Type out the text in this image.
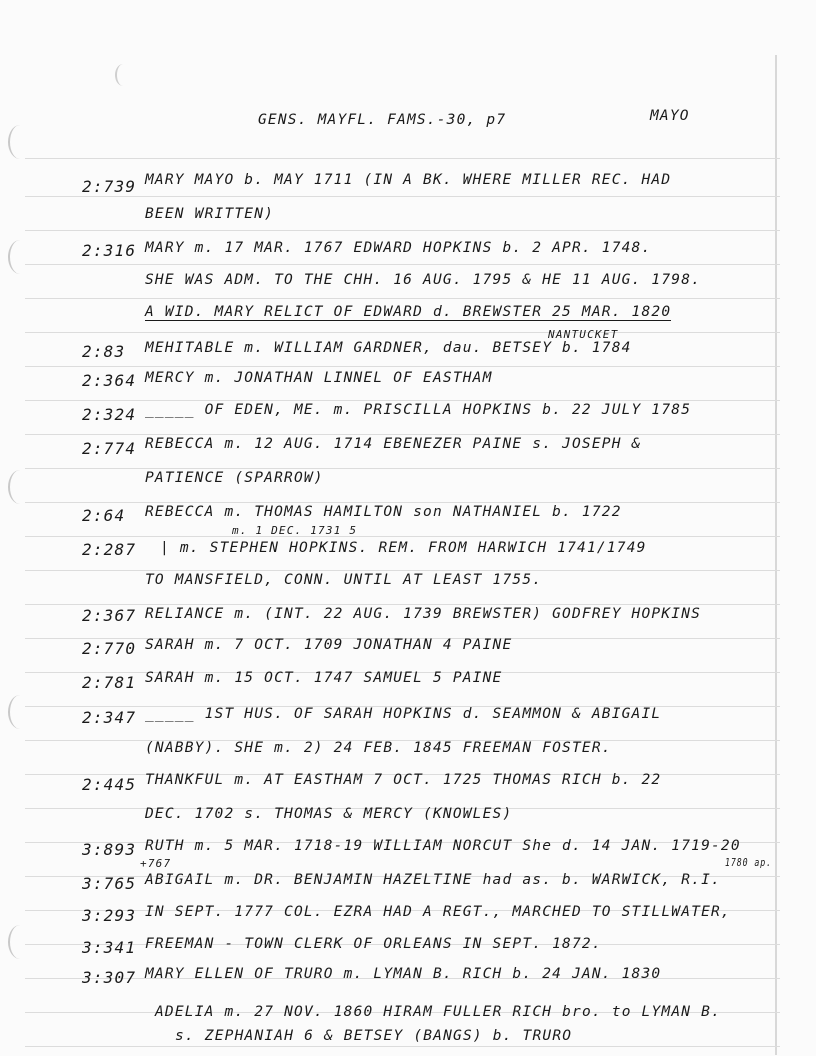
GENS. MAYFL. FAMS.-30, p7	MAYO
2:739 MARY MAYO b. MAY 1711 (IN A BK. WHERE MILLER REC. HAD
BEEN WRITTEN)
2:316 MARY m. 17 MAR. 1767 EDWARD HOPKINS b. 2 APR. 1748.
SHE WAS ADM. TO THE CHH. 16 AUG. 1795 & HE 11 AUG. 1798.
A WID. MARY RELICT OF EDWARD d. BREWSTER 25 MAR. 1820
NANTUCKET
2:83 MEHITABLE m. WILLIAM GARDNER, dau. BETSEY b. 1784
2:364 MERCY m. JONATHAN LINNEL OF EASTHAM
2:324 _____ OF EDEN, ME. m. PRISCILLA HOPKINS b. 22 JULY 1785
2:774 REBECCA m. 12 AUG. 1714 EBENEZER PAINE s. JOSEPH &
PATIENCE (SPARROW)
2:64 REBECCA m. THOMAS HAMILTON son NATHANIEL b. 1722
m. 1 DEC. 1731 5
2:287 | m. STEPHEN HOPKINS. REM. FROM HARWICH 1741/1749
TO MANSFIELD, CONN. UNTIL AT LEAST 1755.
2:367 RELIANCE m. (INT. 22 AUG. 1739 BREWSTER) GODFREY HOPKINS
2:770 SARAH m. 7 OCT. 1709 JONATHAN 4 PAINE
2:781 SARAH m. 15 OCT. 1747 SAMUEL 5 PAINE
2:347 _____ 1ST HUS. OF SARAH HOPKINS d. SEAMMON & ABIGAIL
(NABBY). SHE m. 2) 24 FEB. 1845 FREEMAN FOSTER.
2:445 THANKFUL m. AT EASTHAM 7 OCT. 1725 THOMAS RICH b. 22
DEC. 1702 s. THOMAS & MERCY (KNOWLES)
3:893 RUTH m. 5 MAR. 1718-19 WILLIAM NORCUT She d. 14 JAN. 1719-20
+767	1780 ap.
3:765 ABIGAIL m. DR. BENJAMIN HAZELTINE had as. b. WARWICK, R.I.
3:293 IN SEPT. 1777 COL. EZRA HAD A REGT., MARCHED TO STILLWATER,
3:341 FREEMAN - TOWN CLERK OF ORLEANS IN SEPT. 1872.
3:307 MARY ELLEN OF TRURO m. LYMAN B. RICH b. 24 JAN. 1830
ADELIA m. 27 NOV. 1860 HIRAM FULLER RICH bro. to LYMAN B.
s. ZEPHANIAH 6 & BETSEY (BANGS) b. TRURO
